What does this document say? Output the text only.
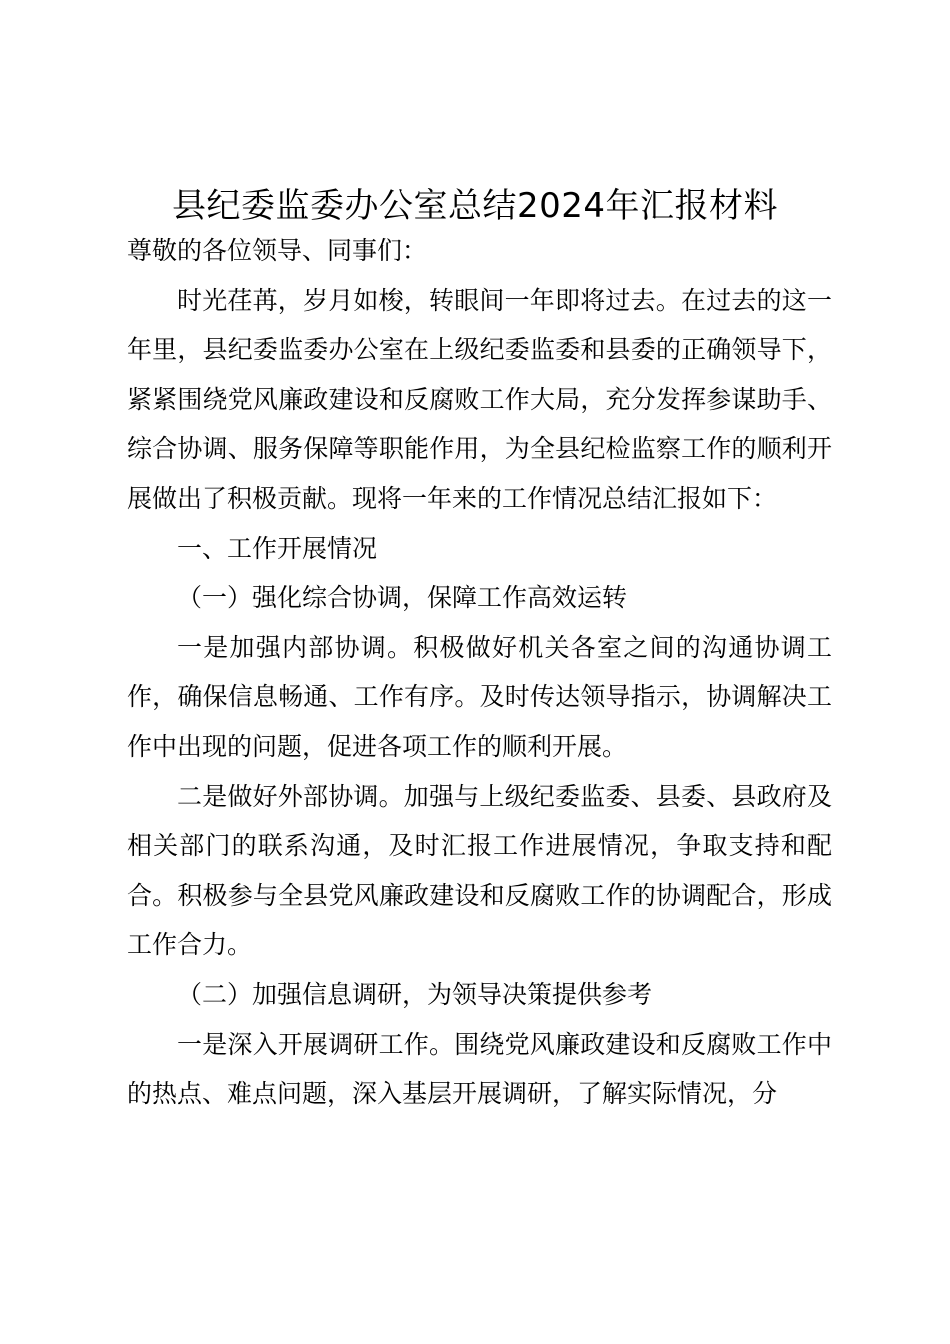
县纪委监委办公室总结2024年汇报材料

尊敬的各位领导、同事们：

时光荏苒，岁月如梭，转眼间一年即将过去。在过去的这一年里，县纪委监委办公室在上级纪委监委和县委的正确领导下，紧紧围绕党风廉政建设和反腐败工作大局，充分发挥参谋助手、综合协调、服务保障等职能作用，为全县纪检监察工作的顺利开展做出了积极贡献。现将一年来的工作情况总结汇报如下：

一、工作开展情况

（一）强化综合协调，保障工作高效运转

一是加强内部协调。积极做好机关各室之间的沟通协调工作，确保信息畅通、工作有序。及时传达领导指示，协调解决工作中出现的问题，促进各项工作的顺利开展。

二是做好外部协调。加强与上级纪委监委、县委、县政府及相关部门的联系沟通，及时汇报工作进展情况，争取支持和配合。积极参与全县党风廉政建设和反腐败工作的协调配合，形成工作合力。

（二）加强信息调研，为领导决策提供参考

一是深入开展调研工作。围绕党风廉政建设和反腐败工作中的热点、难点问题，深入基层开展调研，了解实际情况，分
